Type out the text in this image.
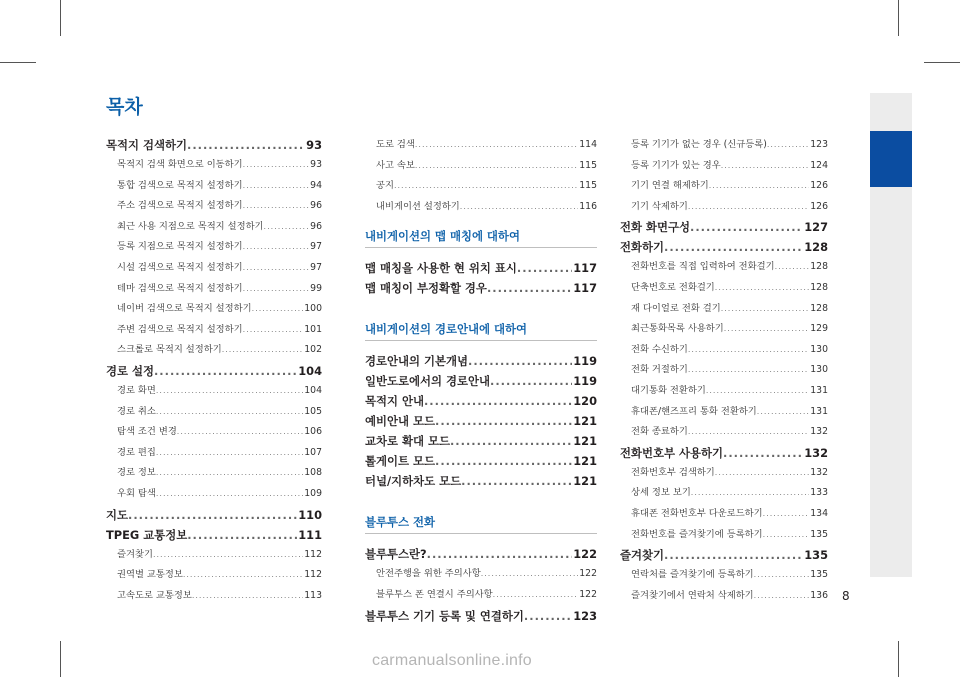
목차
목적지 검색하기 .....	93
목적지 검색 화면으로 이동하기 .....	93
통합 검색으로 목적지 설정하기 .....	94
주소 검색으로 목적지 설정하기 .....	96
최근 사용 지점으로 목적지 설정하기 .....	96
등록 지점으로 목적지 설정하기 .....	97
시설 검색으로 목적지 설정하기 .....	97
테마 검색으로 목적지 설정하기 .....	99
네이버 검색으로 목적지 설정하기 .....	100
주변 검색으로 목적지 설정하기 .....	101
스크롤로 목적지 설정하기 .....	102
경로 설정 .....	104
경로 화면 .....	104
경로 취소 .....	105
탐색 조건 변경 .....	106
경로 편집 .....	107
경로 정보 .....	108
우회 탐색 .....	109
지도 .....	110
TPEG 교통정보 .....	111
즐겨찾기 .....	112
권역별 교통정보 .....	112
고속도로 교통정보 .....	113
도로 검색 .....	114
사고 속보 .....	115
공지 .....	115
내비게이션 설정하기 .....	116
내비게이션의 맵 매칭에 대하여
맵 매칭을 사용한 현 위치 표시 .....	117
맵 매칭이 부정확할 경우 .....	117
내비게이션의 경로안내에 대하여
경로안내의 기본개념 .....	119
일반도로에서의 경로안내 .....	119
목적지 안내 .....	120
예비안내 모드 .....	121
교차로 확대 모드 .....	121
톨게이트 모드 .....	121
터널/지하차도 모드 .....	121
블루투스 전화
블루투스란? .....	122
안전주행을 위한 주의사항 .....	122
블루투스 폰 연결시 주의사항 .....	122
블루투스 기기 등록 및 연결하기 .....	123
등록 기기가 없는 경우 (신규등록) .....	123
등록 기기가 있는 경우 .....	124
기기 연결 해제하기 .....	126
기기 삭제하기 .....	126
전화 화면구성 .....	127
전화하기 .....	128
전화번호를 직접 입력하여 전화걸기 .....	128
단축번호로 전화걸기 .....	128
재 다이얼로 전화 걸기 .....	128
최근통화목록 사용하기 .....	129
전화 수신하기 .....	130
전화 거절하기 .....	130
대기통화 전환하기 .....	131
휴대폰/핸즈프리 통화 전환하기 .....	131
전화 종료하기 .....	132
전화번호부 사용하기 .....	132
전화번호부 검색하기 .....	132
상세 정보 보기 .....	133
휴대폰 전화번호부 다운로드하기 .....	134
전화번호를 즐겨찾기에 등록하기 .....	135
즐겨찾기 .....	135
연락처를 즐겨찾기에 등록하기 .....	135
즐겨찾기에서 연락처 삭제하기 .....	136 8
carmanualsonline.info
